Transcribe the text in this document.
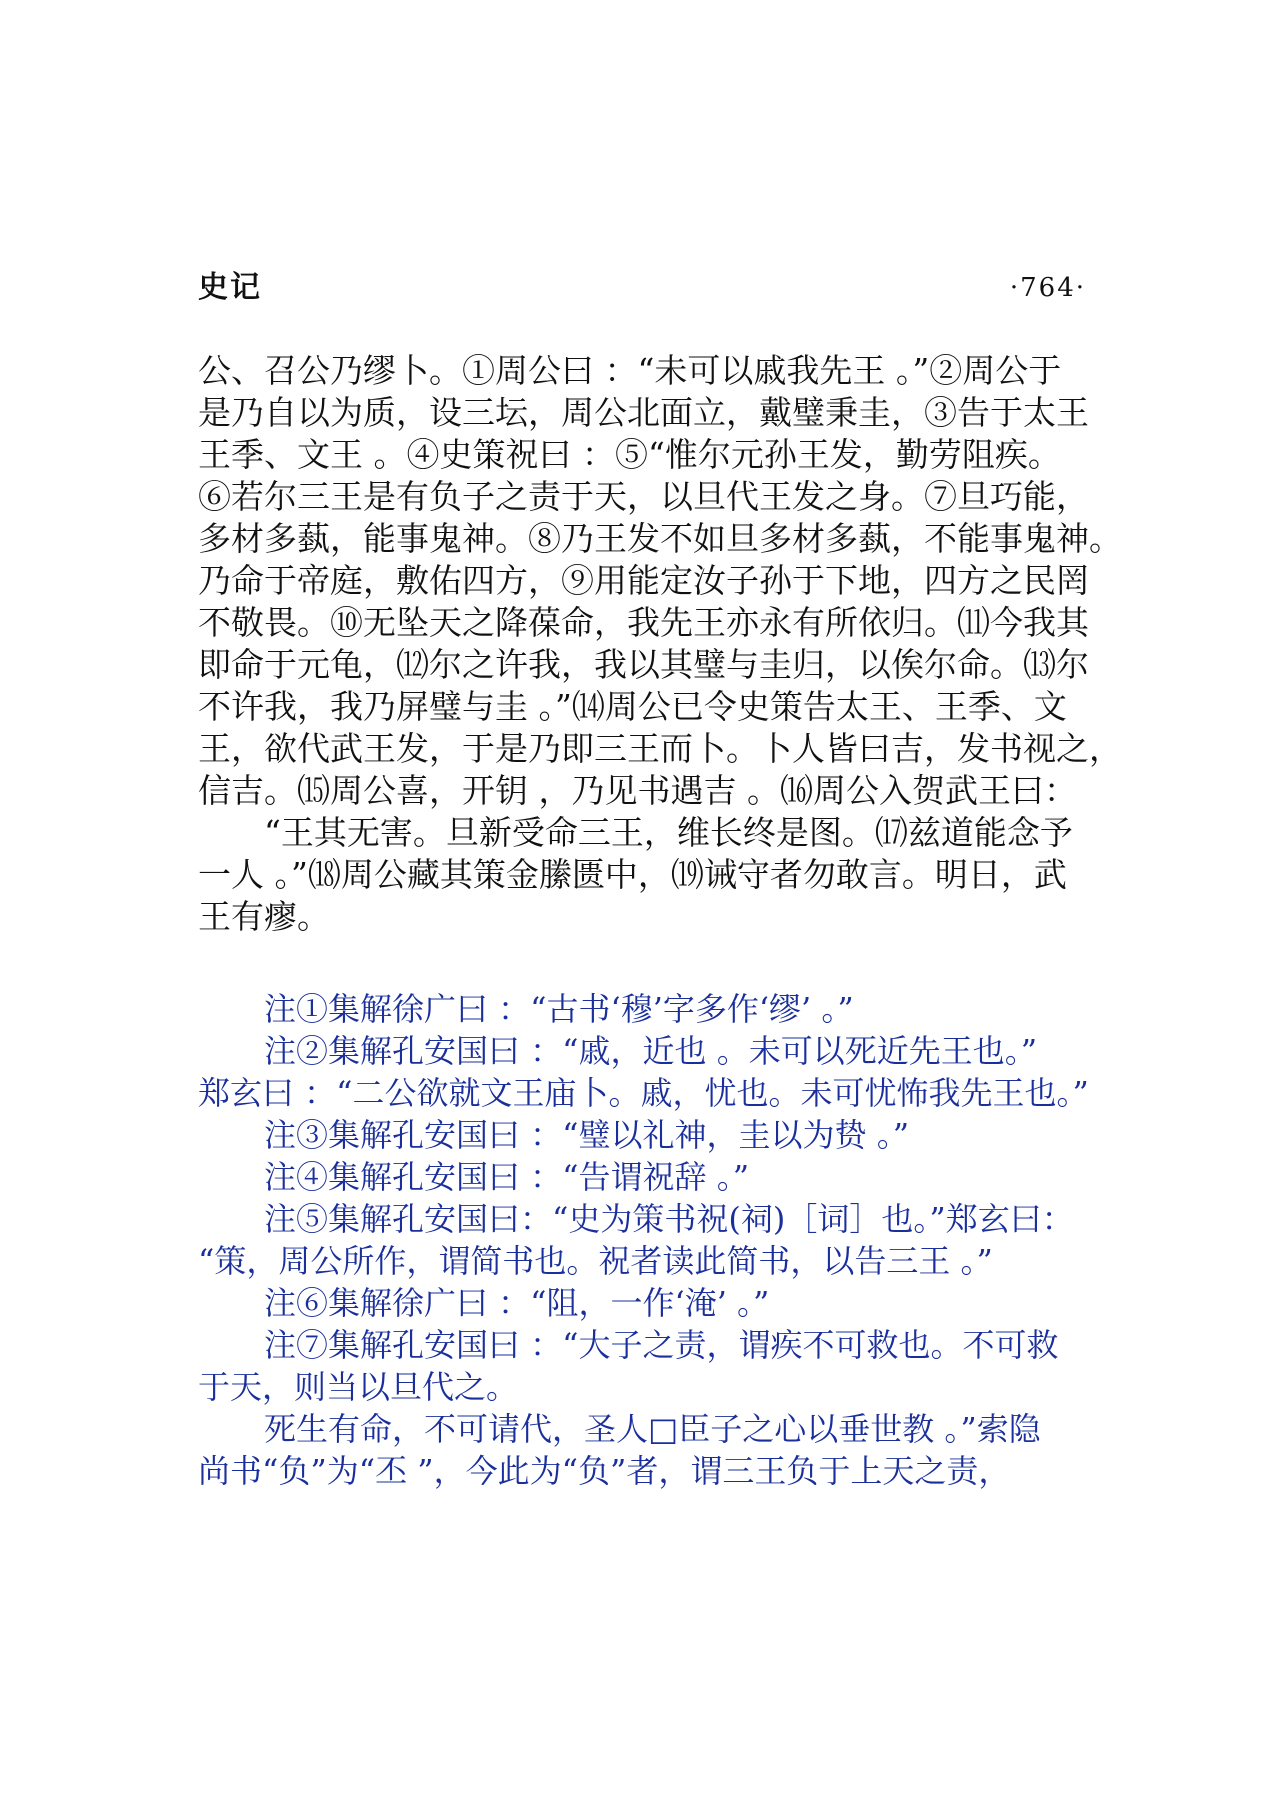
史记	·764·
公、召公乃缪卜。①周公曰 ：“未可以戚我先王 。”②周公于
是乃自以为质，设三坛，周公北面立，戴璧秉圭，③告于太王
王季、文王 。④史策祝曰 ：⑤“惟尔元孙王发，勤劳阻疾。
⑥若尔三王是有负子之责于天，以旦代王发之身。⑦旦巧能，
多材多蓺，能事鬼神。⑧乃王发不如旦多材多蓺，不能事鬼神。
乃命于帝庭，敷佑四方，⑨用能定汝子孙于下地，四方之民罔
不敬畏。⑩无坠天之降葆命，我先王亦永有所依归。⑾今我其
即命于元龟，⑿尔之许我，我以其璧与圭归，以俟尔命。⒀尔
不许我，我乃屏璧与圭 。”⒁周公已令史策告太王、王季、文
王，欲代武王发，于是乃即三王而卜。卜人皆曰吉，发书视之，
信吉。⒂周公喜，开钥 ，乃见书遇吉 。⒃周公入贺武王曰：
“王其无害。旦新受命三王，维长终是图。⒄兹道能念予
一人 。”⒅周公藏其策金縢匮中，⒆诫守者勿敢言。明日，武
王有瘳。
注①集解徐广曰 ：“古书‘穆’字多作‘缪’ 。”
注②集解孔安国曰 ：“戚，近也 。未可以死近先王也。”
郑玄曰 ：“二公欲就文王庙卜。戚，忧也。未可忧怖我先王也。”
注③集解孔安国曰 ：“璧以礼神，圭以为贽 。”
注④集解孔安国曰 ：“告谓祝辞 。”
注⑤集解孔安国曰：“史为策书祝(祠)［词］也。”郑玄曰：
“策，周公所作，谓简书也。祝者读此简书，以告三王 。”
注⑥集解徐广曰 ：“阻，一作‘淹’ 。”
注⑦集解孔安国曰 ：“大子之责，谓疾不可救也。不可救
于天，则当以旦代之。
死生有命，不可请代，圣人□臣子之心以垂世教 。”索隐
尚书“负”为“丕 ”，今此为“负”者，谓三王负于上天之责，
